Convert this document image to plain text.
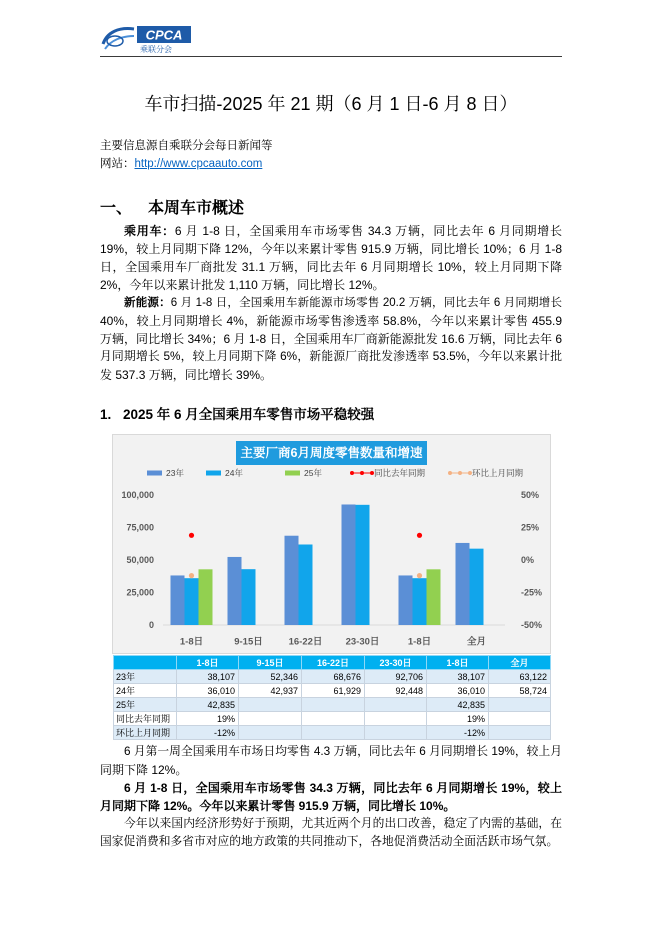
CPCA
乘联分会
车市扫描-2025 年 21 期（6 月 1 日-6 月 8 日）
主要信息源自乘联分会每日新闻等
网站：http://www.cpcaauto.com
一、 本周车市概述
乘用车：6 月 1-8 日，全国乘用车市场零售 34.3 万辆，同比去年 6 月同期增长
19%，较上月同期下降 12%，今年以来累计零售 915.9 万辆，同比增长 10%；6 月 1-8
日，全国乘用车厂商批发 31.1 万辆，同比去年 6 月同期增长 10%，较上月同期下降
2%，今年以来累计批发 1,110 万辆，同比增长 12%。
新能源：6 月 1-8 日，全国乘用车新能源市场零售 20.2 万辆，同比去年 6 月同期增长
40%，较上月同期增长 4%，新能源市场零售渗透率 58.8%，今年以来累计零售 455.9
万辆，同比增长 34%；6 月 1-8 日，全国乘用车厂商新能源批发 16.6 万辆，同比去年 6
月同期增长 5%，较上月同期下降 6%，新能源厂商批发渗透率 53.5%，今年以来累计批
发 537.3 万辆，同比增长 39%。
1. 2025 年 6 月全国乘用车零售市场平稳较强
0
25,000
50,000
75,000
100,000
-50%
-25%
0%
25%
50%
1-8日	9-15日	16-22日 23-30日	1-8日	全月
23年	24年	25年	同比去年同期	环比上月同期
主要厂商6月周度零售数量和增速
	1-8日	9-15日	16-22日	23-30日	1-8日	全月
23年	38,107	52,346	68,676	92,706	38,107	63,122
24年	36,010	42,937	61,929	92,448	36,010	58,724
25年	42,835				42,835	
同比去年同期	19%				19%	
环比上月同期	-12%				-12%	
6 月第一周全国乘用车市场日均零售 4.3 万辆，同比去年 6 月同期增长 19%，较上月
同期下降 12%。
6 月 1-8 日，全国乘用车市场零售 34.3 万辆，同比去年 6 月同期增长 19%，较上
月同期下降 12%。今年以来累计零售 915.9 万辆，同比增长 10%。
今年以来国内经济形势好于预期，尤其近两个月的出口改善，稳定了内需的基础，在
国家促消费和多省市对应的地方政策的共同推动下，各地促消费活动全面活跃市场气氛。
